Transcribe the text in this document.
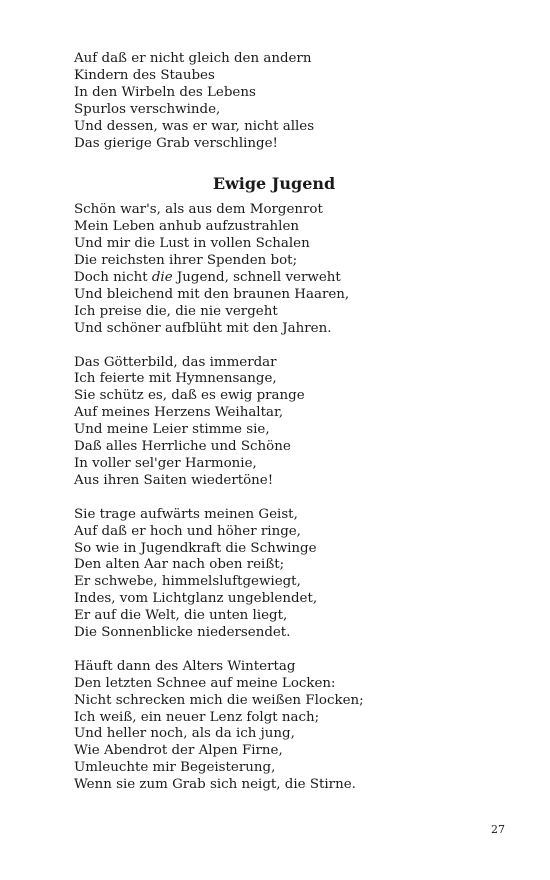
Auf daß er nicht gleich den andern
Kindern des Staubes
In den Wirbeln des Lebens
Spurlos verschwinde,
Und dessen, was er war, nicht alles
Das gierige Grab verschlinge!
Ewige Jugend
Schön war's, als aus dem Morgenrot
Mein Leben anhub aufzustrahlen
Und mir die Lust in vollen Schalen
Die reichsten ihrer Spenden bot;
Doch nicht die Jugend, schnell verweht
Und bleichend mit den braunen Haaren,
Ich preise die, die nie vergeht
Und schöner aufblüht mit den Jahren.
Das Götterbild, das immerdar
Ich feierte mit Hymnensange,
Sie schütz es, daß es ewig prange
Auf meines Herzens Weihaltar,
Und meine Leier stimme sie,
Daß alles Herrliche und Schöne
In voller sel'ger Harmonie,
Aus ihren Saiten wiedertöne!
Sie trage aufwärts meinen Geist,
Auf daß er hoch und höher ringe,
So wie in Jugendkraft die Schwinge
Den alten Aar nach oben reißt;
Er schwebe, himmelsluftgewiegt,
Indes, vom Lichtglanz ungeblendet,
Er auf die Welt, die unten liegt,
Die Sonnenblicke niedersendet.
Häuft dann des Alters Wintertag
Den letzten Schnee auf meine Locken:
Nicht schrecken mich die weißen Flocken;
Ich weiß, ein neuer Lenz folgt nach;
Und heller noch, als da ich jung,
Wie Abendrot der Alpen Firne,
Umleuchte mir Begeisterung,
Wenn sie zum Grab sich neigt, die Stirne.
27
